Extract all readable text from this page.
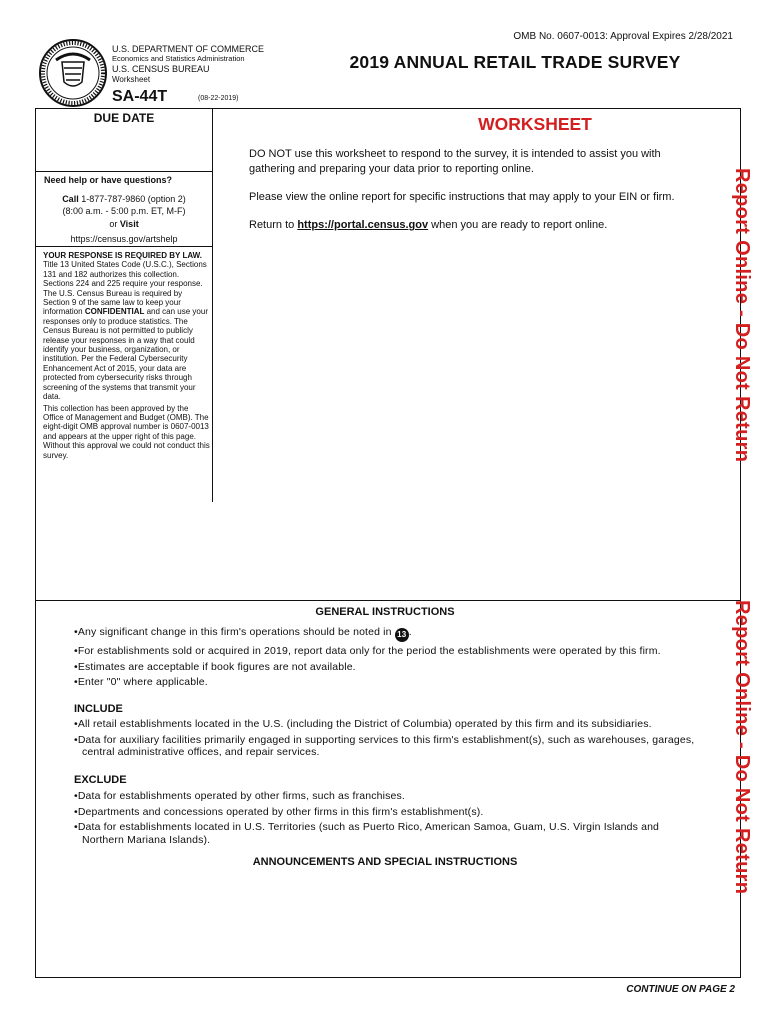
OMB No. 0607-0013: Approval Expires 2/28/2021
U.S. DEPARTMENT OF COMMERCE
Economics and Statistics Administration
U.S. CENSUS BUREAU
Worksheet
SA-44T	(08-22-2019)
2019 ANNUAL RETAIL TRADE SURVEY
DUE DATE
Need help or have questions?
Call 1-877-787-9860 (option 2)
(8:00 a.m. - 5:00 p.m. ET, M-F)
or Visit
https://census.gov/artshelp

YOUR RESPONSE IS REQUIRED BY LAW. Title 13 United States Code (U.S.C.), Sections 131 and 182 authorizes this collection. Sections 224 and 225 require your response. The U.S. Census Bureau is required by Section 9 of the same law to keep your information CONFIDENTIAL and can use your responses only to produce statistics. The Census Bureau is not permitted to publicly release your responses in a way that could identify your business, organization, or institution. Per the Federal Cybersecurity Enhancement Act of 2015, your data are protected from cybersecurity risks through screening of the systems that transmit your data.

This collection has been approved by the Office of Management and Budget (OMB). The eight-digit OMB approval number is 0607-0013 and appears at the upper right of this page. Without this approval we could not conduct this survey.

WORKSHEET

DO NOT use this worksheet to respond to the survey, it is intended to assist you with gathering and preparing your data prior to reporting online.

Please view the online report for specific instructions that may apply to your EIN or firm.

Return to https://portal.census.gov when you are ready to report online.	Report Online - Do Not Return
Report Online - Do Not Return
GENERAL INSTRUCTIONS
• Any significant change in this firm's operations should be noted in 13 .
• For establishments sold or acquired in 2019, report data only for the period the establishments were operated by this firm.
• Estimates are acceptable if book figures are not available.
• Enter "0" where applicable.
INCLUDE
• All retail establishments located in the U.S. (including the District of Columbia) operated by this firm and its subsidiaries.
• Data for auxiliary facilities primarily engaged in supporting services to this firm's establishment(s), such as warehouses, garages, central administrative offices, and repair services.
EXCLUDE
• Data for establishments operated by other firms, such as franchises.
• Departments and concessions operated by other firms in this firm's establishment(s).
• Data for establishments located in U.S. Territories (such as Puerto Rico, American Samoa, Guam, U.S. Virgin Islands and Northern Mariana Islands).
ANNOUNCEMENTS AND SPECIAL INSTRUCTIONS
CONTINUE ON PAGE 2
